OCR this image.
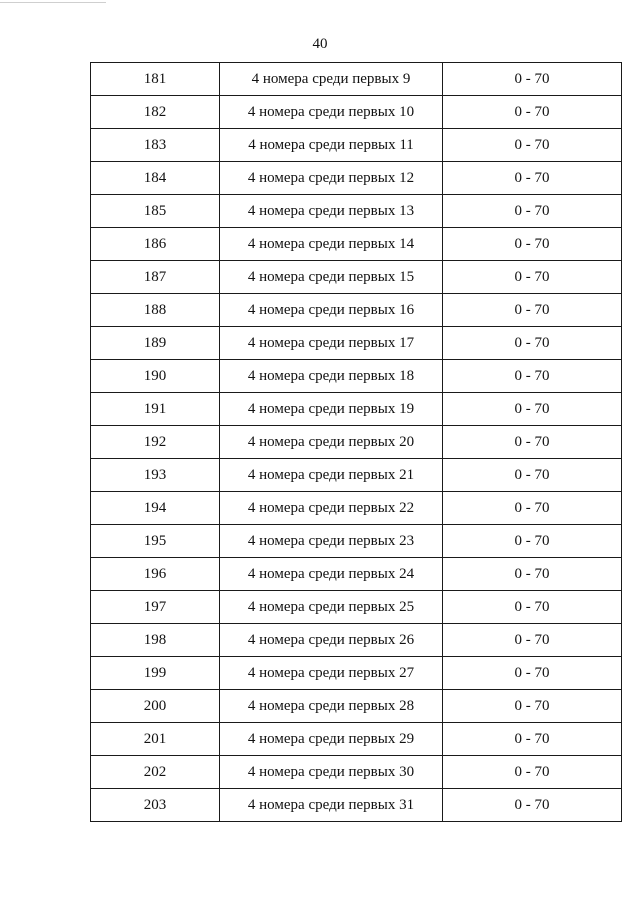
40
181	4 номера среди первых 9	0 - 70
182	4 номера среди первых 10	0 - 70
183	4 номера среди первых 11	0 - 70
184	4 номера среди первых 12	0 - 70
185	4 номера среди первых 13	0 - 70
186	4 номера среди первых 14	0 - 70
187	4 номера среди первых 15	0 - 70
188	4 номера среди первых 16	0 - 70
189	4 номера среди первых 17	0 - 70
190	4 номера среди первых 18	0 - 70
191	4 номера среди первых 19	0 - 70
192	4 номера среди первых 20	0 - 70
193	4 номера среди первых 21	0 - 70
194	4 номера среди первых 22	0 - 70
195	4 номера среди первых 23	0 - 70
196	4 номера среди первых 24	0 - 70
197	4 номера среди первых 25	0 - 70
198	4 номера среди первых 26	0 - 70
199	4 номера среди первых 27	0 - 70
200	4 номера среди первых 28	0 - 70
201	4 номера среди первых 29	0 - 70
202	4 номера среди первых 30	0 - 70
203	4 номера среди первых 31	0 - 70
